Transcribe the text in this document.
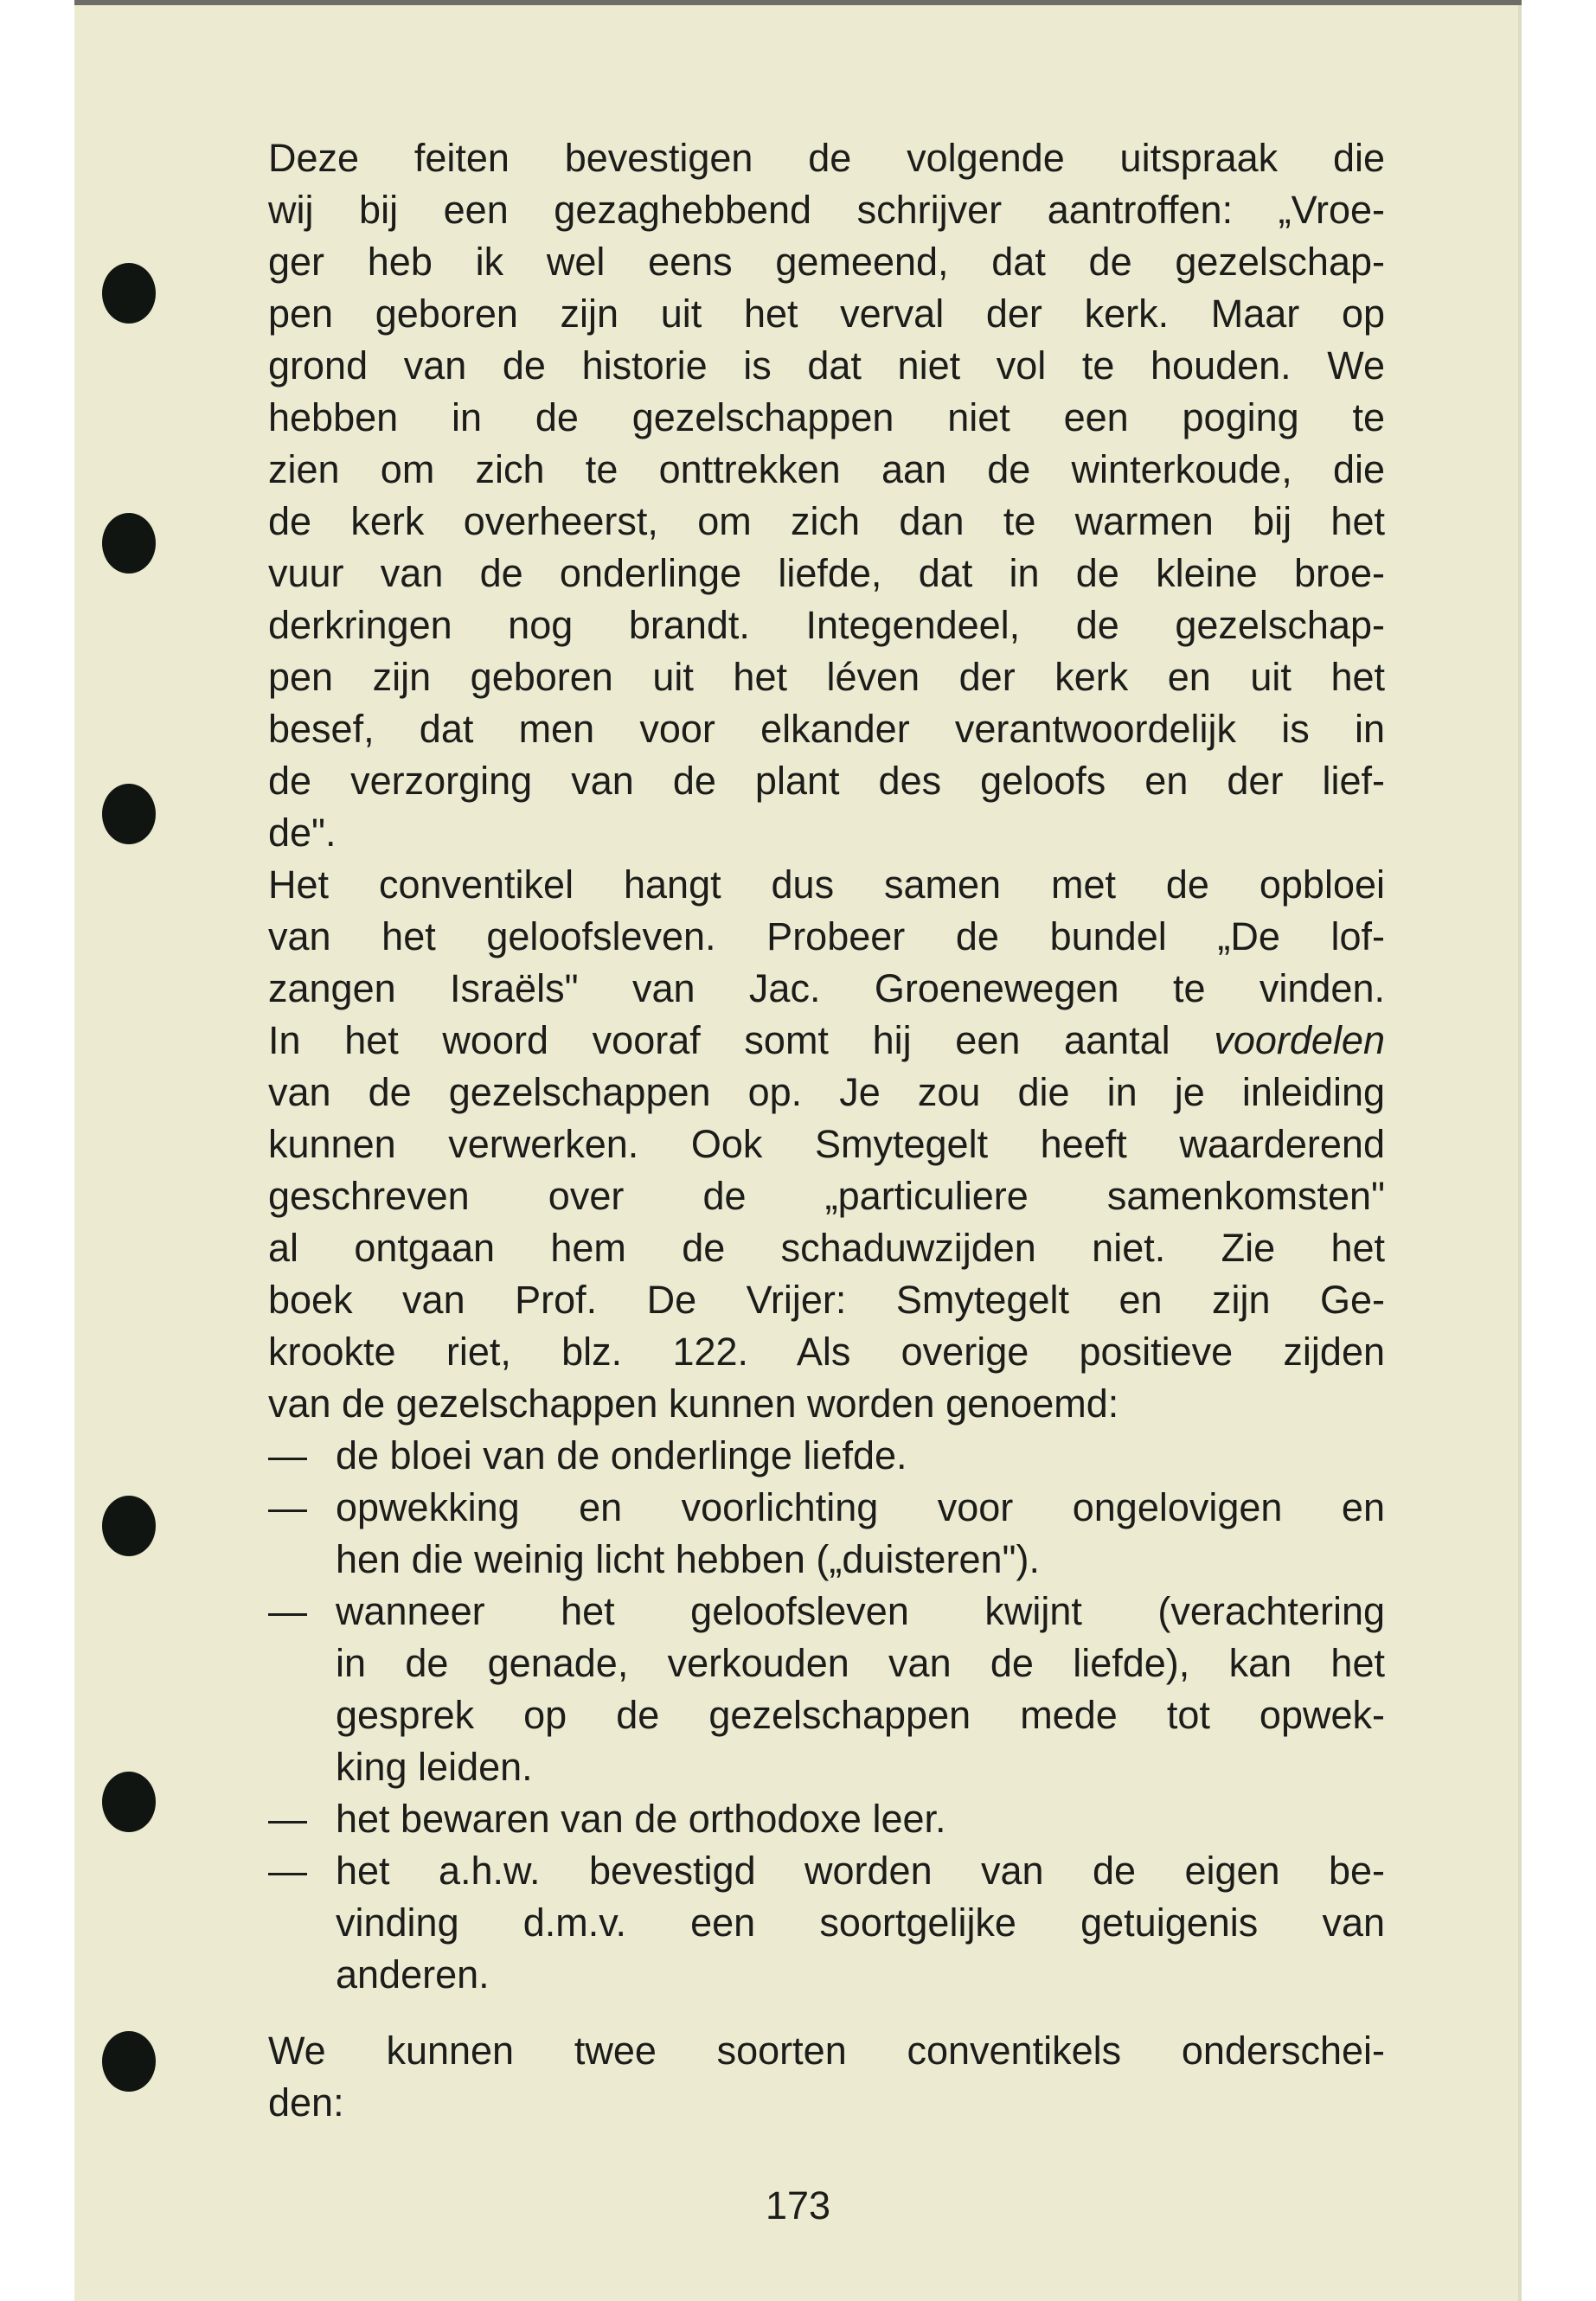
Deze feiten bevestigen de volgende uitspraak die
wij bij een gezaghebbend schrijver aantroffen: „Vroe-
ger heb ik wel eens gemeend, dat de gezelschap-
pen geboren zijn uit het verval der kerk. Maar op
grond van de historie is dat niet vol te houden. We
hebben in de gezelschappen niet een poging te
zien om zich te onttrekken aan de winterkoude, die
de kerk overheerst, om zich dan te warmen bij het
vuur van de onderlinge liefde, dat in de kleine broe-
derkringen nog brandt. Integendeel, de gezelschap-
pen zijn geboren uit het léven der kerk en uit het
besef, dat men voor elkander verantwoordelijk is in
de verzorging van de plant des geloofs en der lief-
de".
Het conventikel hangt dus samen met de opbloei
van het geloofsleven. Probeer de bundel „De lof-
zangen Israëls" van Jac. Groenewegen te vinden.
In het woord vooraf somt hij een aantal voordelen
van de gezelschappen op. Je zou die in je inleiding
kunnen verwerken. Ook Smytegelt heeft waarderend
geschreven over de „particuliere samenkomsten"
al ontgaan hem de schaduwzijden niet. Zie het
boek van Prof. De Vrijer: Smytegelt en zijn Ge-
krookte riet, blz. 122. Als overige positieve zijden
van de gezelschappen kunnen worden genoemd:
— de bloei van de onderlinge liefde.
— opwekking en voorlichting voor ongelovigen en
hen die weinig licht hebben („duisteren").
— wanneer het geloofsleven kwijnt (verachtering
in de genade, verkouden van de liefde), kan het
gesprek op de gezelschappen mede tot opwek-
king leiden.
— het bewaren van de orthodoxe leer.
— het a.h.w. bevestigd worden van de eigen be-
vinding d.m.v. een soortgelijke getuigenis van
anderen.
We kunnen twee soorten conventikels onderschei-
den:
173
